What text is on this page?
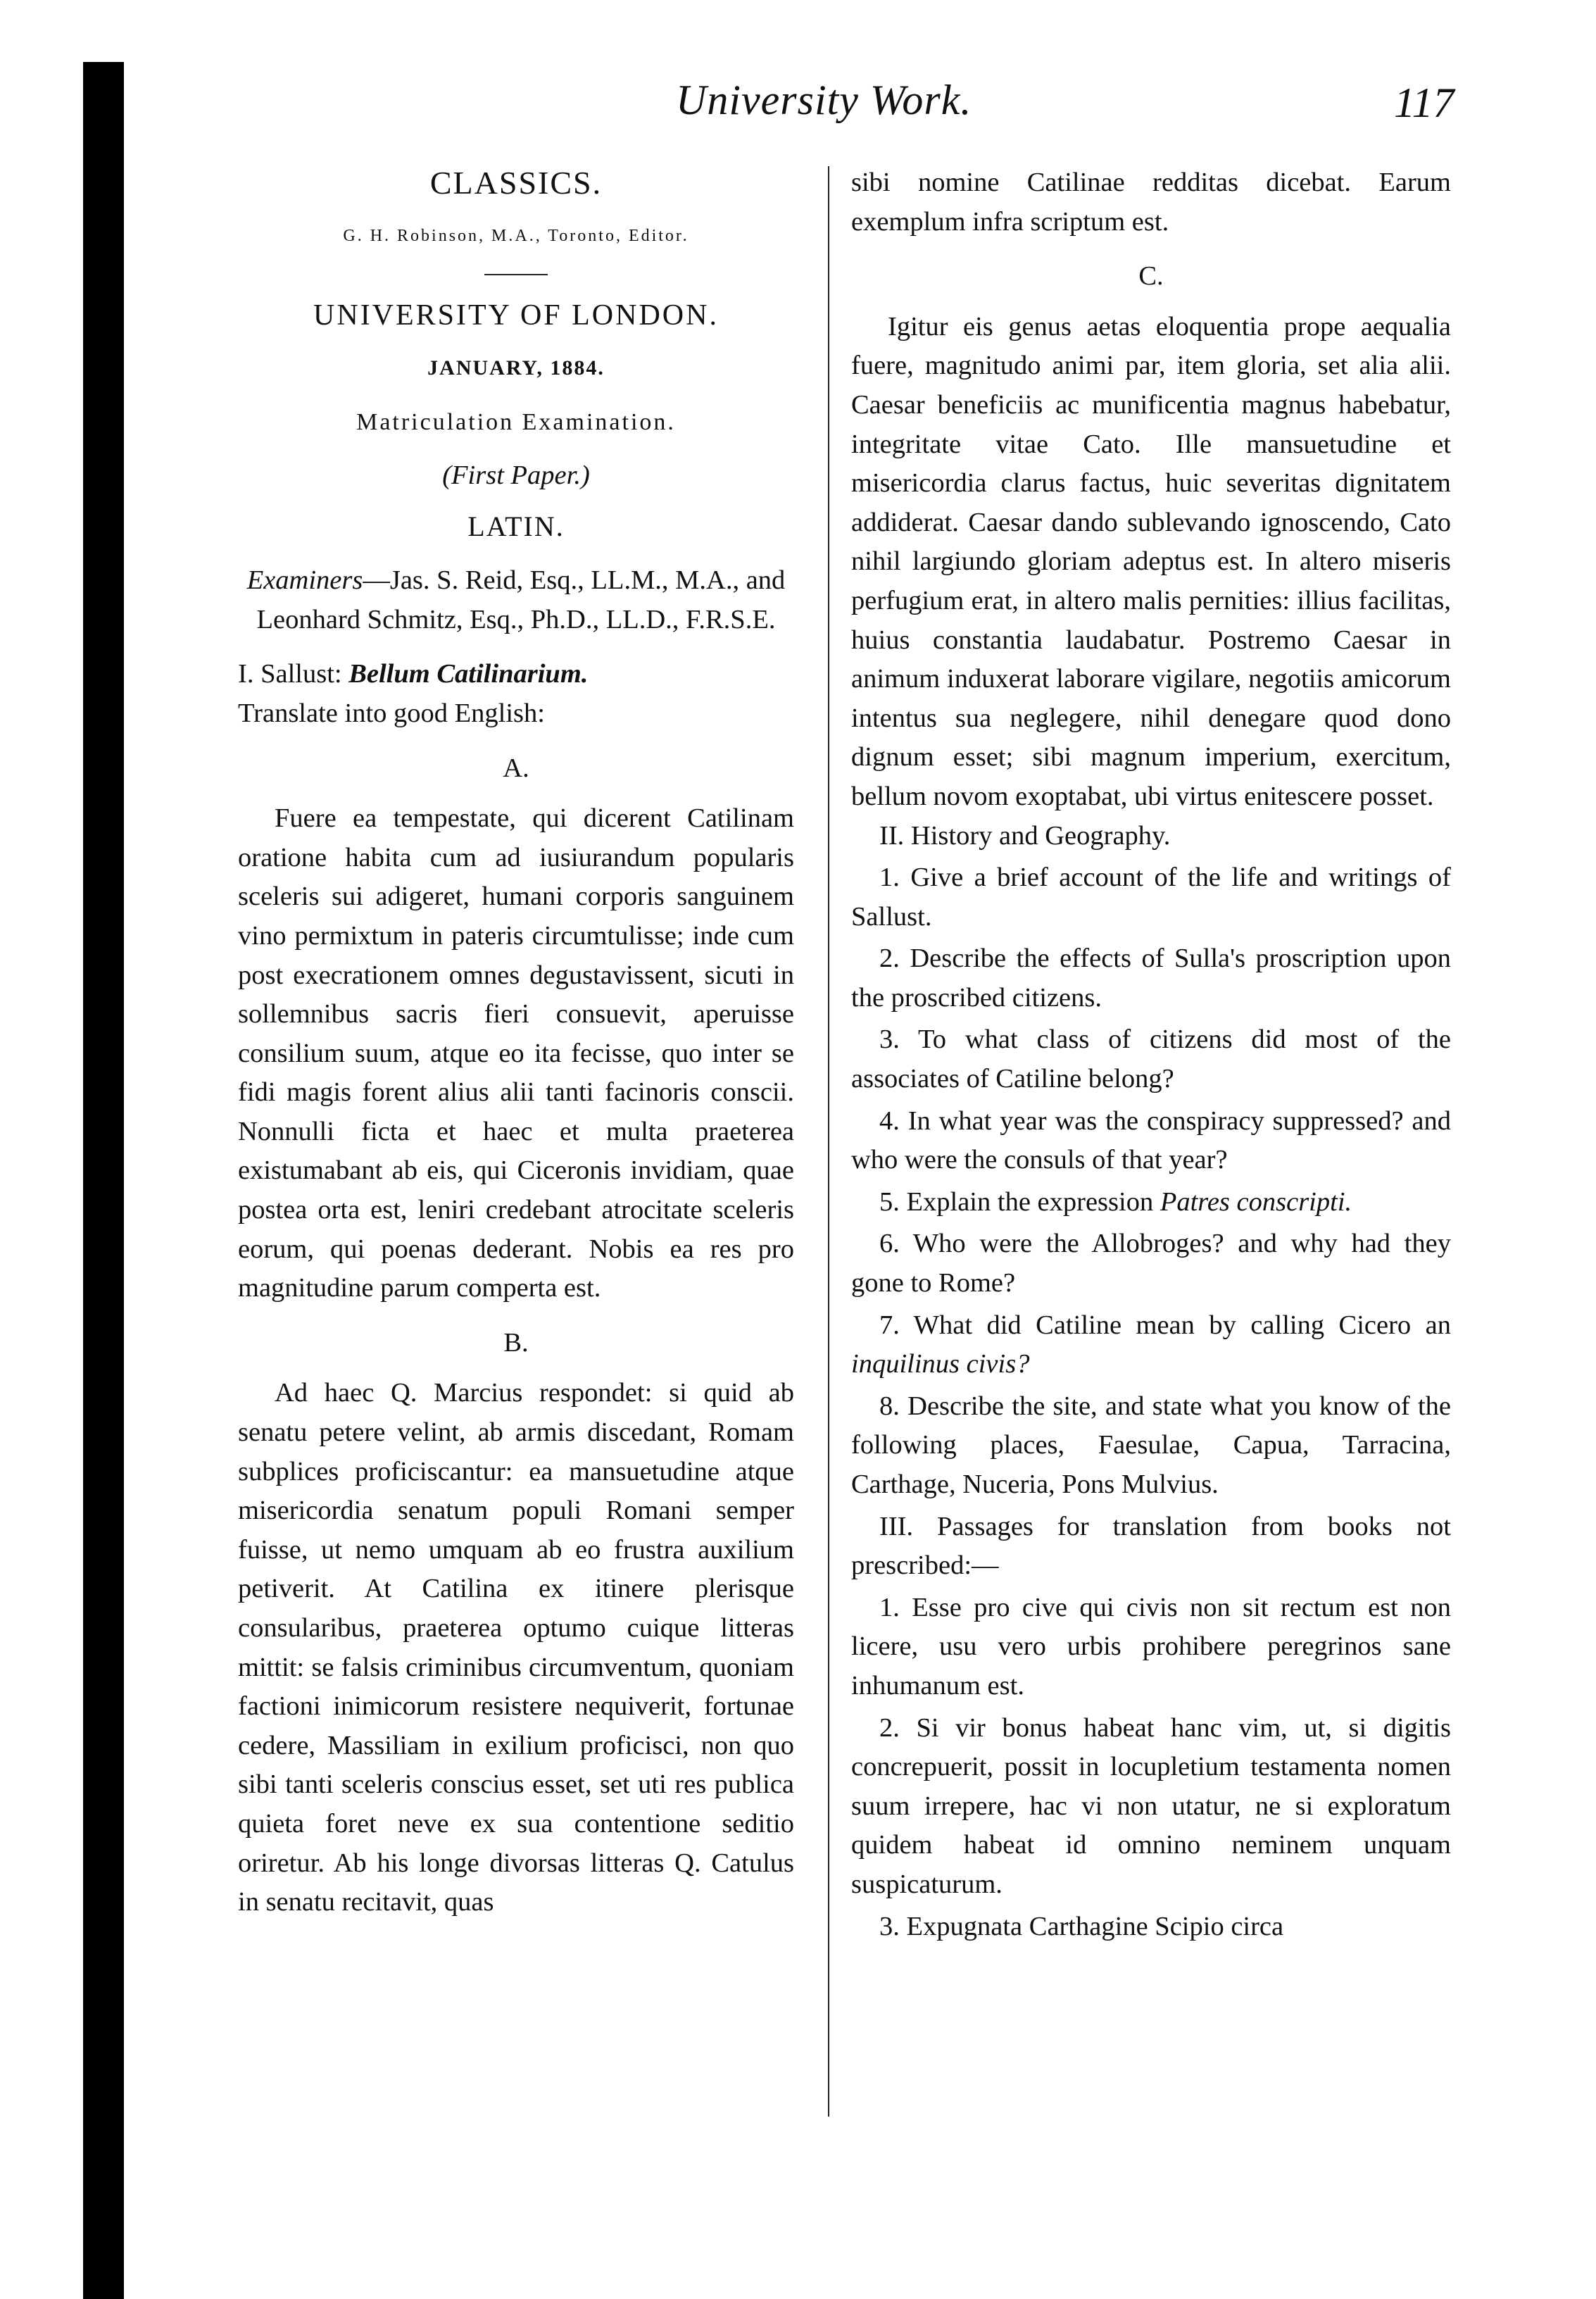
University Work.	117

CLASSICS.

G. H. Robinson, M.A., Toronto, Editor.

UNIVERSITY OF LONDON.

JANUARY, 1884.

Matriculation Examination.

(First Paper.)

LATIN.

Examiners—Jas. S. Reid, Esq., LL.M., M.A., and Leonhard Schmitz, Esq., Ph.D., LL.D., F.R.S.E.

I. Sallust: Bellum Catilinarium.

Translate into good English:

A.

Fuere ea tempestate, qui dicerent Catilinam oratione habita cum ad iusiurandum popularis sceleris sui adigeret, humani corporis sanguinem vino permixtum in pateris circumtulisse; inde cum post execrationem omnes degustavissent, sicuti in sollemnibus sacris fieri consuevit, aperuisse consilium suum, atque eo ita fecisse, quo inter se fidi magis forent alius alii tanti facinoris conscii. Nonnulli ficta et haec et multa praeterea existumabant ab eis, qui Ciceronis invidiam, quae postea orta est, leniri credebant atrocitate sceleris eorum, qui poenas dederant. Nobis ea res pro magnitudine parum comperta est.

B.

Ad haec Q. Marcius respondet: si quid ab senatu petere velint, ab armis discedant, Romam subplices proficiscantur: ea mansuetudine atque misericordia senatum populi Romani semper fuisse, ut nemo umquam ab eo frustra auxilium petiverit. At Catilina ex itinere plerisque consularibus, praeterea optumo cuique litteras mittit: se falsis criminibus circumventum, quoniam factioni inimicorum resistere nequiverit, fortunae cedere, Massiliam in exilium proficisci, non quo sibi tanti sceleris conscius esset, set uti res publica quieta foret neve ex sua contentione seditio oriretur. Ab his longe divorsas litteras Q. Catulus in senatu recitavit, quas

sibi nomine Catilinae redditas dicebat. Earum exemplum infra scriptum est.

C.

Igitur eis genus aetas eloquentia prope aequalia fuere, magnitudo animi par, item gloria, set alia alii. Caesar beneficiis ac munificentia magnus habebatur, integritate vitae Cato. Ille mansuetudine et misericordia clarus factus, huic severitas dignitatem addiderat. Caesar dando sublevando ignoscendo, Cato nihil largiundo gloriam adeptus est. In altero miseris perfugium erat, in altero malis pernities: illius facilitas, huius constantia laudabatur. Postremo Caesar in animum induxerat laborare vigilare, negotiis amicorum intentus sua neglegere, nihil denegare quod dono dignum esset; sibi magnum imperium, exercitum, bellum novom exoptabat, ubi virtus enitescere posset.

II. History and Geography.

1. Give a brief account of the life and writings of Sallust.

2. Describe the effects of Sulla's proscription upon the proscribed citizens.

3. To what class of citizens did most of the associates of Catiline belong?

4. In what year was the conspiracy suppressed? and who were the consuls of that year?

5. Explain the expression Patres conscripti.

6. Who were the Allobroges? and why had they gone to Rome?

7. What did Catiline mean by calling Cicero an inquilinus civis?

8. Describe the site, and state what you know of the following places, Faesulae, Capua, Tarracina, Carthage, Nuceria, Pons Mulvius.

III. Passages for translation from books not prescribed:—

1. Esse pro cive qui civis non sit rectum est non licere, usu vero urbis prohibere peregrinos sane inhumanum est.

2. Si vir bonus habeat hanc vim, ut, si digitis concrepuerit, possit in locupletium testamenta nomen suum irrepere, hac vi non utatur, ne si exploratum quidem habeat id omnino neminem unquam suspicaturum.

3. Expugnata Carthagine Scipio circa
